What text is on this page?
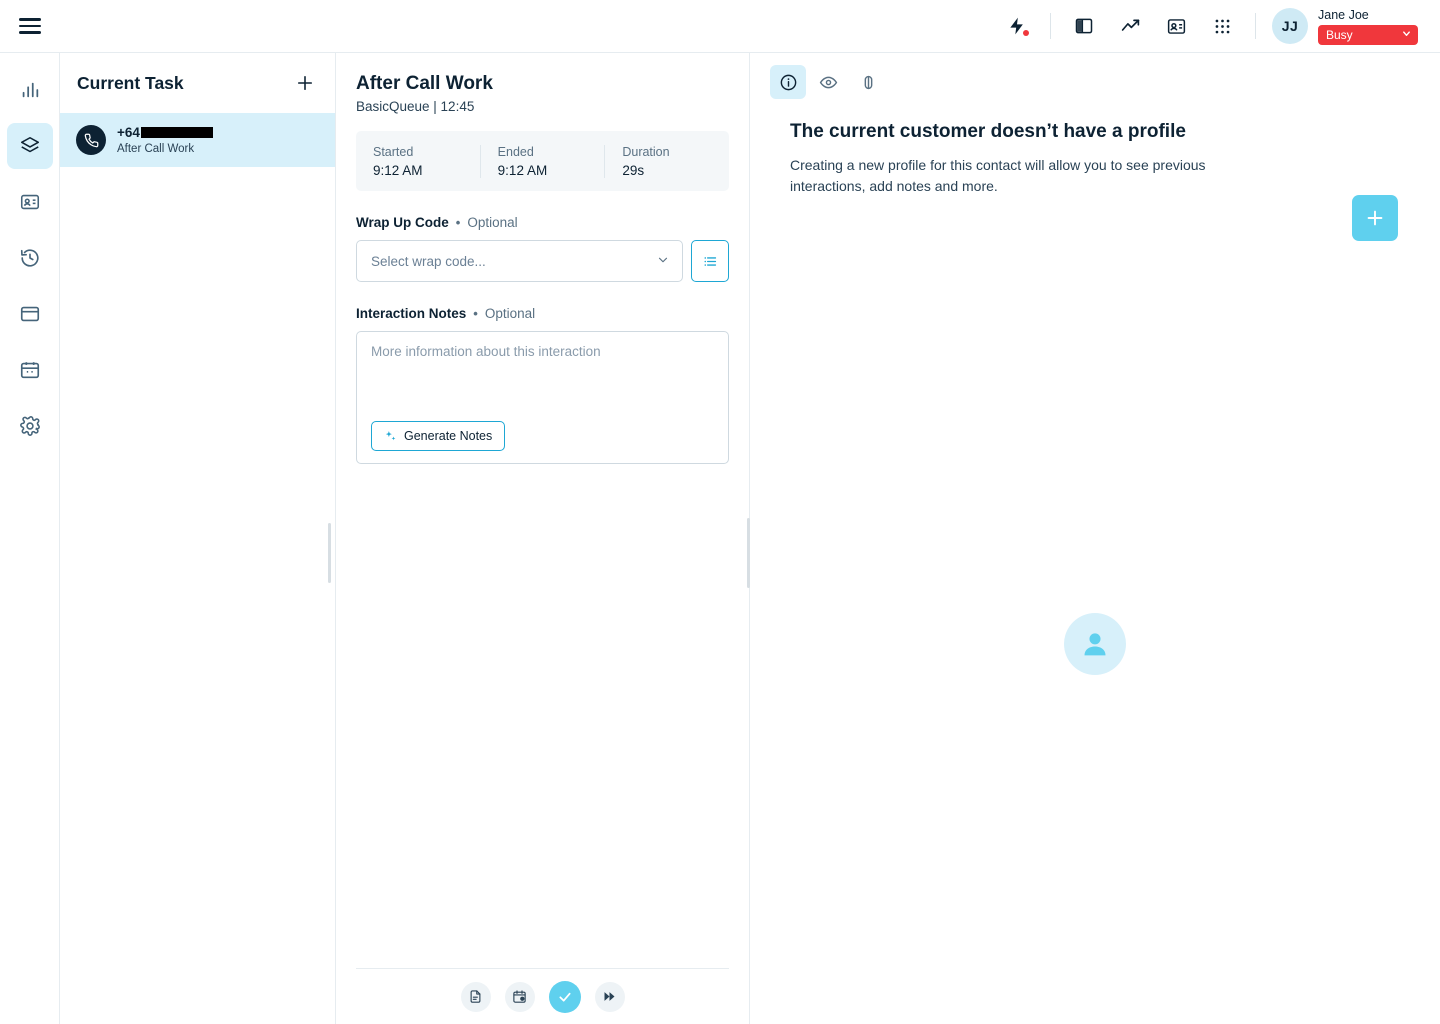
JJ
Jane Joe
Busy
Current Task
+64
After Call Work
After Call Work
BasicQueue | 12:45
Started
9:12 AM
Ended
9:12 AM
Duration
29s
Wrap Up Code • Optional
Select wrap code...
Interaction Notes • Optional
More information about this interaction
Generate Notes
The current customer doesn’t have a profile
Creating a new profile for this contact will allow you to see previous interactions, add notes and more.
